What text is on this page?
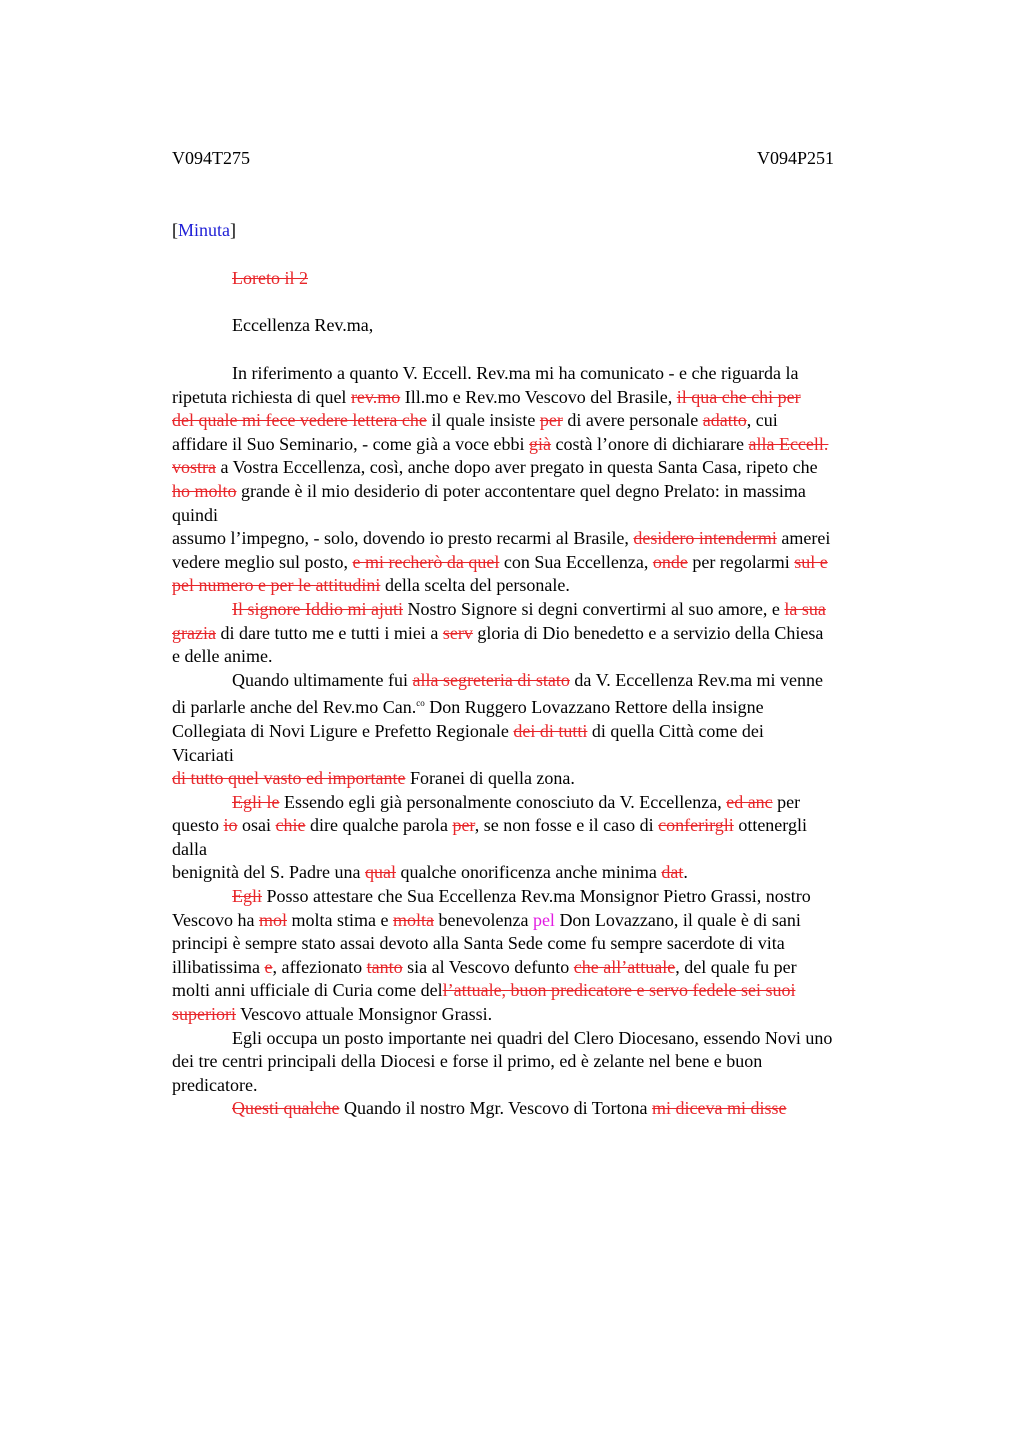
V094T275	V094P251
[Minuta]
Loreto il 2
Eccellenza Rev.ma,
In riferimento a quanto V. Eccell. Rev.ma mi ha comunicato - e che riguarda la
ripetuta richiesta di quel rev.mo Ill.mo e Rev.mo Vescovo del Brasile, il qua che chi per
del quale mi fece vedere lettera che il quale insiste per di avere personale adatto, cui
affidare il Suo Seminario, - come già a voce ebbi già costà l’onore di dichiarare alla Eccell.
vostra a Vostra Eccellenza, così, anche dopo aver pregato in questa Santa Casa, ripeto che
ho molto grande è il mio desiderio di poter accontentare quel degno Prelato: in massima
quindi
assumo l’impegno, - solo, dovendo io presto recarmi al Brasile, desidero intendermi amerei
vedere meglio sul posto, e mi recherò da quel con Sua Eccellenza, onde per regolarmi sul e
pel numero e per le attitudini della scelta del personale.
Il signore Iddio mi ajuti Nostro Signore si degni convertirmi al suo amore, e la sua
grazia di dare tutto me e tutti i miei a serv gloria di Dio benedetto e a servizio della Chiesa
e delle anime.
Quando ultimamente fui alla segreteria di stato da V. Eccellenza Rev.ma mi venne
di parlarle anche del Rev.mo Can.$^{co}$ Don Ruggero Lovazzano Rettore della insigne
Collegiata di Novi Ligure e Prefetto Regionale dei di tutti di quella Città come dei
Vicariati
di tutto quel vasto ed importante Foranei di quella zona.
Egli le Essendo egli già personalmente conosciuto da V. Eccellenza, ed anc per
questo io osai chie dire qualche parola per, se non fosse e il caso di conferirgli ottenergli
dalla
benignità del S. Padre una qual qualche onorificenza anche minima dat.
Egli Posso attestare che Sua Eccellenza Rev.ma Monsignor Pietro Grassi, nostro
Vescovo ha mol molta stima e molta benevolenza pel Don Lovazzano, il quale è di sani
principi è sempre stato assai devoto alla Santa Sede come fu sempre sacerdote di vita
illibatissima e, affezionato tanto sia al Vescovo defunto che all’attuale, del quale fu per
molti anni ufficiale di Curia come dell’attuale, buon predicatore e servo fedele sei suoi
superiori Vescovo attuale Monsignor Grassi.
Egli occupa un posto importante nei quadri del Clero Diocesano, essendo Novi uno
dei tre centri principali della Diocesi e forse il primo, ed è zelante nel bene e buon
predicatore.
Questi qualche Quando il nostro Mgr. Vescovo di Tortona mi diceva mi disse
